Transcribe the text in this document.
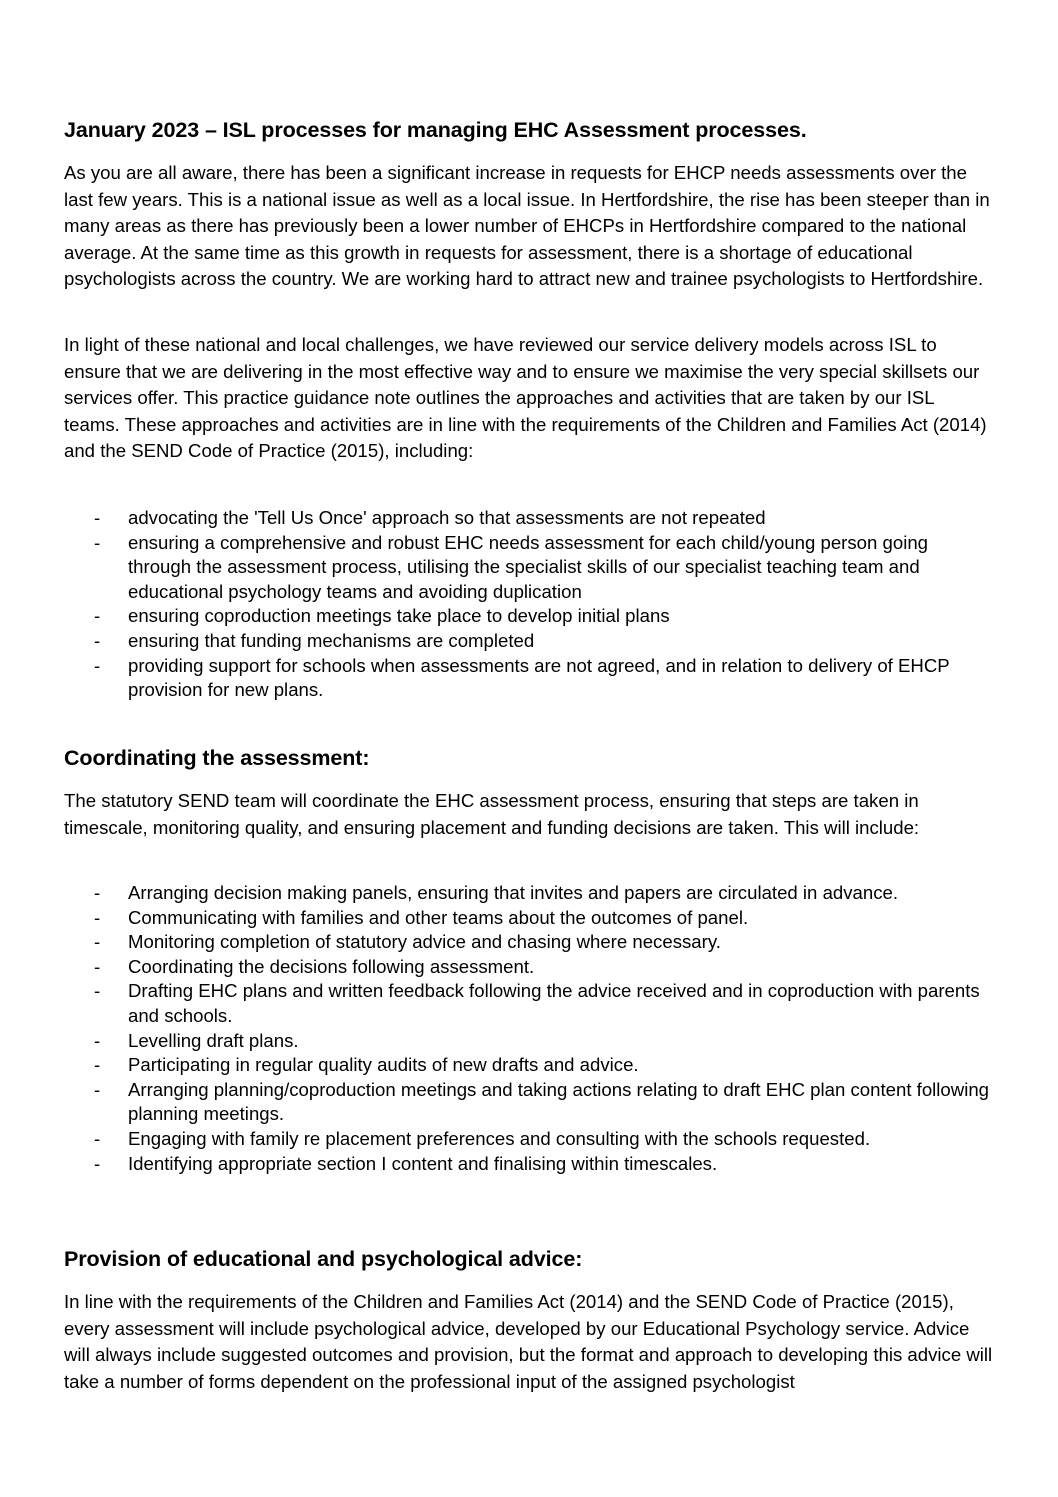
January 2023 – ISL processes for managing EHC Assessment processes.

As you are all aware, there has been a significant increase in requests for EHCP needs assessments over the last few years. This is a national issue as well as a local issue. In Hertfordshire, the rise has been steeper than in many areas as there has previously been a lower number of EHCPs in Hertfordshire compared to the national average. At the same time as this growth in requests for assessment, there is a shortage of educational psychologists across the country. We are working hard to attract new and trainee psychologists to Hertfordshire.

In light of these national and local challenges, we have reviewed our service delivery models across ISL to ensure that we are delivering in the most effective way and to ensure we maximise the very special skillsets our services offer. This practice guidance note outlines the approaches and activities that are taken by our ISL teams. These approaches and activities are in line with the requirements of the Children and Families Act (2014) and the SEND Code of Practice (2015), including:

- advocating the 'Tell Us Once' approach so that assessments are not repeated
- ensuring a comprehensive and robust EHC needs assessment for each child/young person going through the assessment process, utilising the specialist skills of our specialist teaching team and educational psychology teams and avoiding duplication
- ensuring coproduction meetings take place to develop initial plans
- ensuring that funding mechanisms are completed
- providing support for schools when assessments are not agreed, and in relation to delivery of EHCP provision for new plans.
Coordinating the assessment:

The statutory SEND team will coordinate the EHC assessment process, ensuring that steps are taken in timescale, monitoring quality, and ensuring placement and funding decisions are taken. This will include:

- Arranging decision making panels, ensuring that invites and papers are circulated in advance.
- Communicating with families and other teams about the outcomes of panel.
- Monitoring completion of statutory advice and chasing where necessary.
- Coordinating the decisions following assessment.
- Drafting EHC plans and written feedback following the advice received and in coproduction with parents and schools.
- Levelling draft plans.
- Participating in regular quality audits of new drafts and advice.
- Arranging planning/coproduction meetings and taking actions relating to draft EHC plan content following planning meetings.
- Engaging with family re placement preferences and consulting with the schools requested.
- Identifying appropriate section I content and finalising within timescales.
Provision of educational and psychological advice:

In line with the requirements of the Children and Families Act (2014) and the SEND Code of Practice (2015), every assessment will include psychological advice, developed by our Educational Psychology service. Advice will always include suggested outcomes and provision, but the format and approach to developing this advice will take a number of forms dependent on the professional input of the assigned psychologist
